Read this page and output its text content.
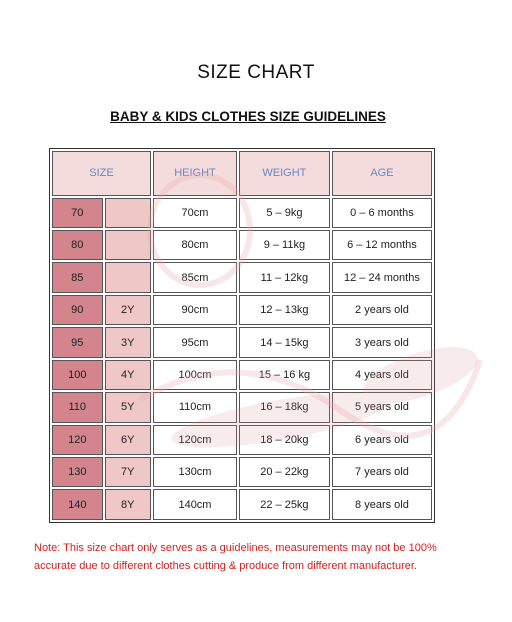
SIZE CHART
BABY & KIDS CLOTHES SIZE GUIDELINES
SIZE		HEIGHT	WEIGHT	AGE
70		70cm	5 – 9kg	0 – 6 months
80		80cm	9 – 11kg	6 – 12 months
85		85cm	11 – 12kg	12 – 24 months
90	2Y	90cm	12 – 13kg	2 years old
95	3Y	95cm	14 – 15kg	3 years old
100	4Y	100cm	15 – 16 kg	4 years old
110	5Y	110cm	16 – 18kg	5 years old
120	6Y	120cm	18 – 20kg	6 years old
130	7Y	130cm	20 – 22kg	7 years old
140	8Y	140cm	22 – 25kg	8 years old
Note: This size chart only serves as a guidelines, measurements may not be 100%
accurate due to different clothes cutting & produce from different manufacturer.
